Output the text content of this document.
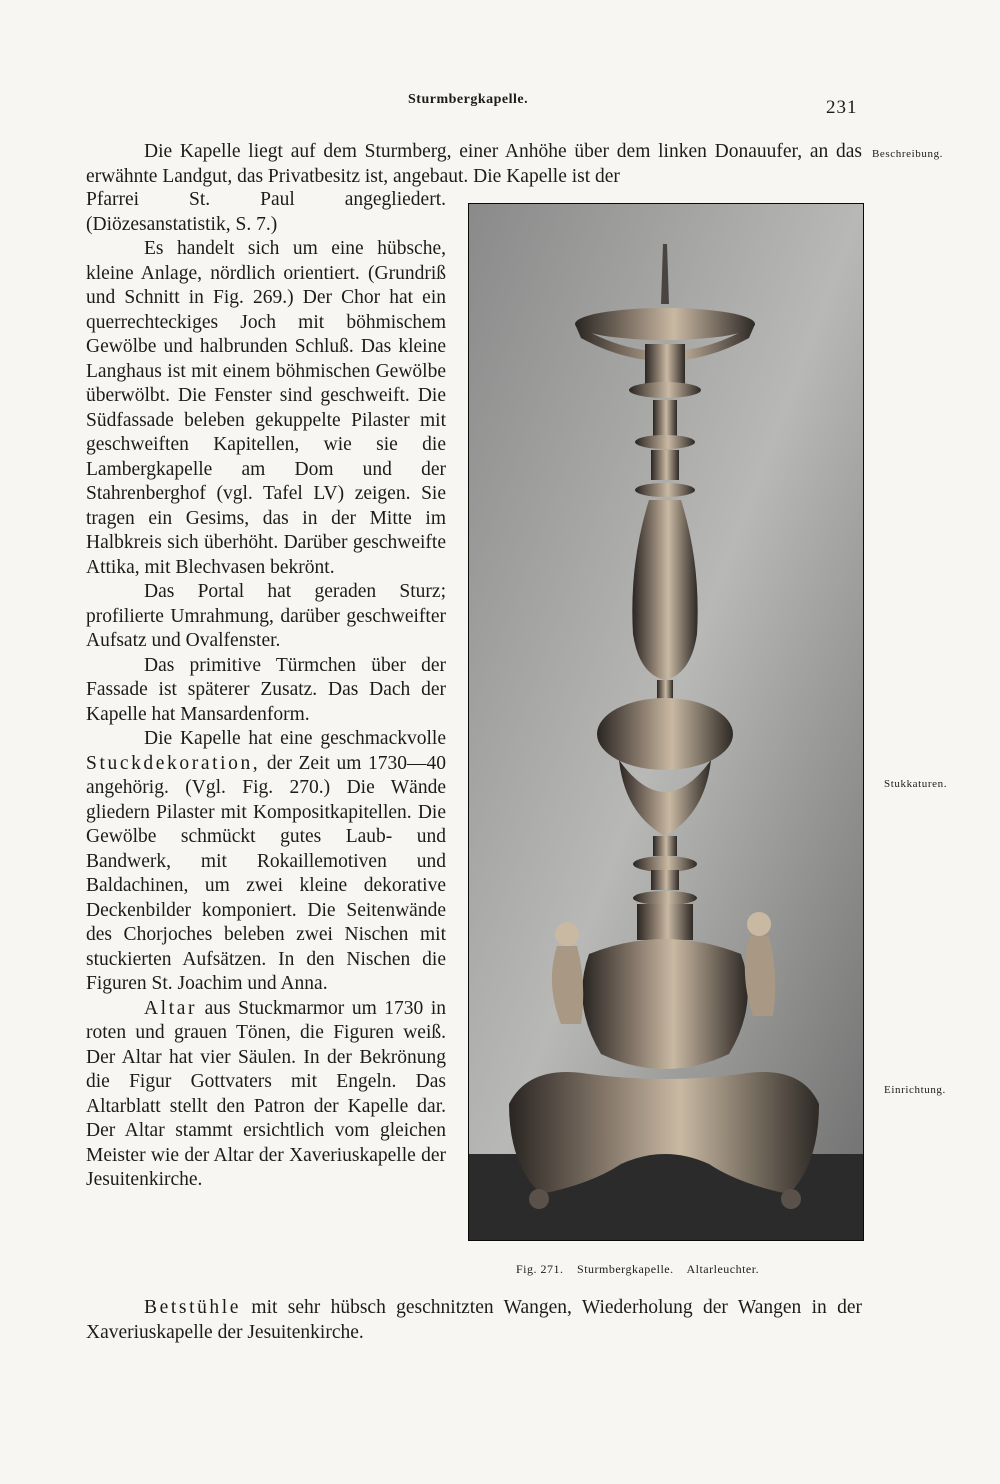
Sturmbergkapelle.	231
Beschreibung.
Stukkaturen.
Einrichtung.

Die Kapelle liegt auf dem Sturmberg, einer Anhöhe über dem linken Donauufer, an das erwähnte Landgut, das Privatbesitz ist, angebaut. Die Kapelle ist der

Pfarrei St. Paul angegliedert. (Diözesanstatistik, S. 7.)

Es handelt sich um eine hübsche, kleine Anlage, nördlich orientiert. (Grundriß und Schnitt in Fig. 269.) Der Chor hat ein querrechteckiges Joch mit böhmischem Gewölbe und halbrunden Schluß. Das kleine Langhaus ist mit einem böhmischen Gewölbe überwölbt. Die Fenster sind geschweift. Die Südfassade beleben gekuppelte Pilaster mit geschweiften Kapitellen, wie sie die Lambergkapelle am Dom und der Stahrenberghof (vgl. Tafel LV) zeigen. Sie tragen ein Gesims, das in der Mitte im Halbkreis sich überhöht. Darüber geschweifte Attika, mit Blechvasen bekrönt.

Das Portal hat geraden Sturz; profilierte Umrahmung, darüber geschweifter Aufsatz und Ovalfenster.

Das primitive Türmchen über der Fassade ist späterer Zusatz. Das Dach der Kapelle hat Mansardenform.

Die Kapelle hat eine geschmackvolle Stuckdekoration, der Zeit um 1730—40 angehörig. (Vgl. Fig. 270.) Die Wände gliedern Pilaster mit Kompositkapitellen. Die Gewölbe schmückt gutes Laub- und Bandwerk, mit Rokaillemotiven und Baldachinen, um zwei kleine dekorative Deckenbilder komponiert. Die Seitenwände des Chorjoches beleben zwei Nischen mit stuckierten Aufsätzen. In den Nischen die Figuren St. Joachim und Anna.

Altar aus Stuckmarmor um 1730 in roten und grauen Tönen, die Figuren weiß. Der Altar hat vier Säulen. In der Bekrönung die Figur Gottvaters mit Engeln. Das Altarblatt stellt den Patron der Kapelle dar. Der Altar stammt ersichtlich vom gleichen Meister wie der Altar der Xaveriuskapelle der Jesuitenkirche.

Fig. 271. Sturmbergkapelle. Altarleuchter.

Betstühle mit sehr hübsch geschnitzten Wangen, Wiederholung der Wangen in der Xaveriuskapelle der Jesuitenkirche.
